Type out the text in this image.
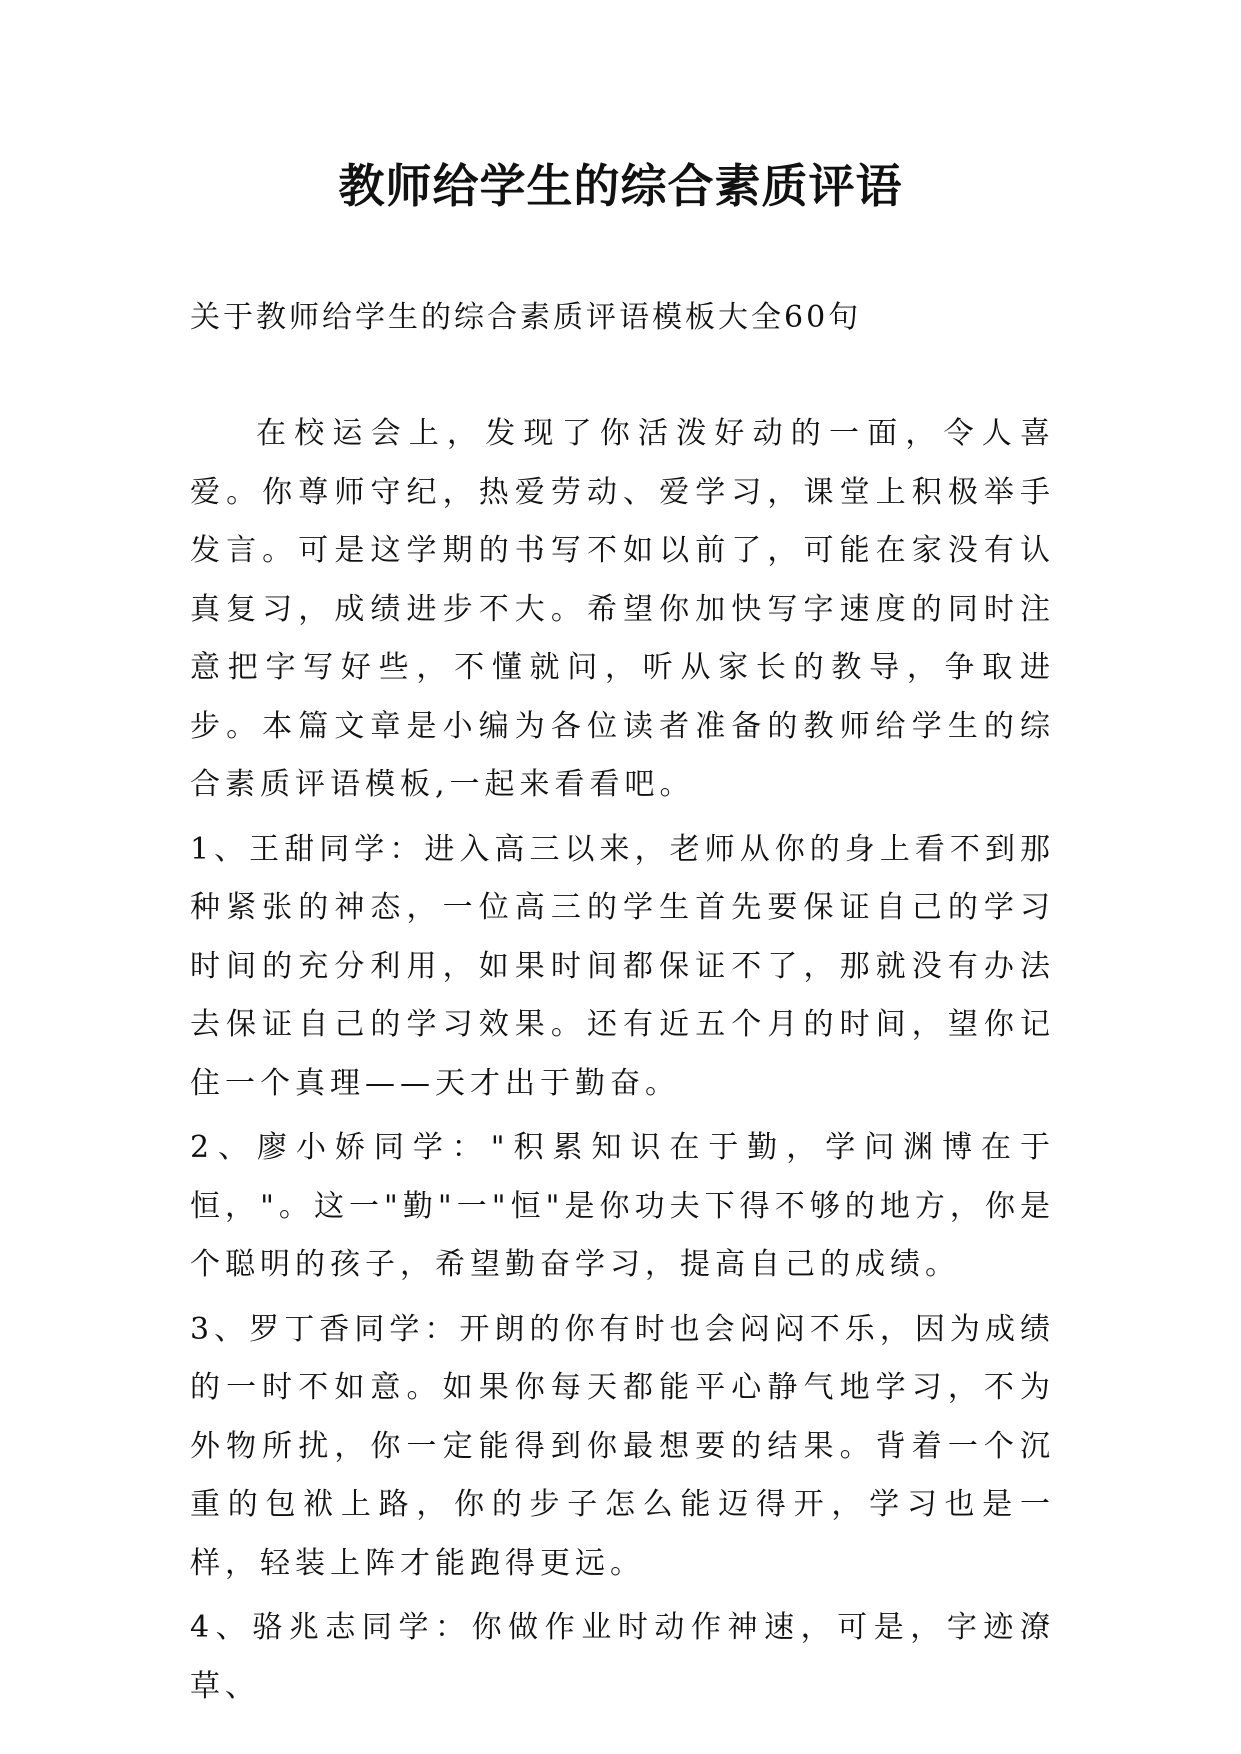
教师给学生的综合素质评语

关于教师给学生的综合素质评语模板大全60句

在校运会上，发现了你活泼好动的一面，令人喜爱。你尊师守纪，热爱劳动、爱学习，课堂上积极举手发言。可是这学期的书写不如以前了，可能在家没有认真复习，成绩进步不大。希望你加快写字速度的同时注意把字写好些，不懂就问，听从家长的教导，争取进步。本篇文章是小编为各位读者准备的教师给学生的综合素质评语模板,一起来看看吧。

1、王甜同学：进入高三以来，老师从你的身上看不到那种紧张的神态，一位高三的学生首先要保证自己的学习时间的充分利用，如果时间都保证不了，那就没有办法去保证自己的学习效果。还有近五个月的时间，望你记住一个真理——天才出于勤奋。

2、廖小娇同学："积累知识在于勤，学问渊博在于恒，"。这一"勤"一"恒"是你功夫下得不够的地方，你是个聪明的孩子，希望勤奋学习，提高自己的成绩。

3、罗丁香同学：开朗的你有时也会闷闷不乐，因为成绩的一时不如意。如果你每天都能平心静气地学习，不为外物所扰，你一定能得到你最想要的结果。背着一个沉重的包袱上路，你的步子怎么能迈得开，学习也是一样，轻装上阵才能跑得更远。

4、骆兆志同学：你做作业时动作神速，可是，字迹潦草、
